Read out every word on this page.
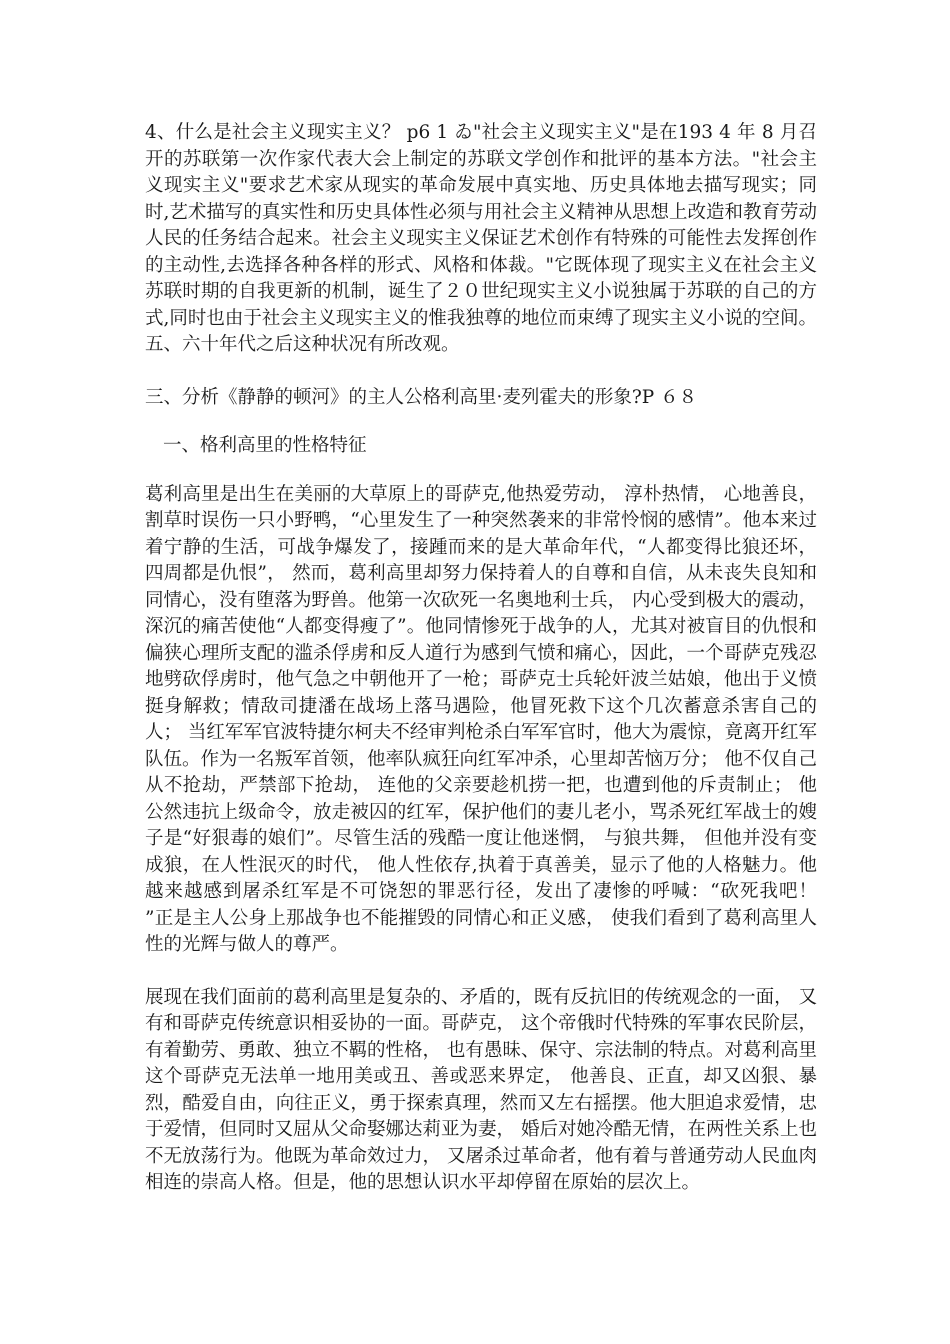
4、什么是社会主义现实主义？ p6 1 ゐ"社会主义现实主义"是在193 4 年 8 月召开的苏联第一次作家代表大会上制定的苏联文学创作和批评的基本方法。"社会主义现实主义"要求艺术家从现实的革命发展中真实地、历史具体地去描写现实；同时,艺术描写的真实性和历史具体性必须与用社会主义精神从思想上改造和教育劳动人民的任务结合起来。社会主义现实主义保证艺术创作有特殊的可能性去发挥创作的主动性,去选择各种各样的形式、风格和体裁。"它既体现了现实主义在社会主义苏联时期的自我更新的机制，诞生了２０世纪现实主义小说独属于苏联的自己的方式,同时也由于社会主义现实主义的惟我独尊的地位而束缚了现实主义小说的空间。五、六十年代之后这种状况有所改观。

三、分析《静静的顿河》的主人公格利高里·麦列霍夫的形象?P ６８

一、格利高里的性格特征

葛利高里是出生在美丽的大草原上的哥萨克,他热爱劳动， 淳朴热情， 心地善良， 割草时误伤一只小野鸭，“心里发生了一种突然袭来的非常怜悯的感情”。他本来过着宁静的生活，可战争爆发了，接踵而来的是大革命年代，“人都变得比狼还坏，四周都是仇恨”， 然而，葛利高里却努力保持着人的自尊和自信，从未丧失良知和同情心，没有堕落为野兽。他第一次砍死一名奥地利士兵， 内心受到极大的震动，深沉的痛苦使他“人都变得瘦了”。他同情惨死于战争的人，尤其对被盲目的仇恨和偏狭心理所支配的滥杀俘虏和反人道行为感到气愤和痛心，因此，一个哥萨克残忍地劈砍俘虏时，他气急之中朝他开了一枪；哥萨克士兵轮奸波兰姑娘，他出于义愤挺身解救；情敌司捷潘在战场上落马遇险，他冒死救下这个几次蓄意杀害自己的人； 当红军军官波特捷尔柯夫不经审判枪杀白军军官时，他大为震惊，竟离开红军队伍。作为一名叛军首领，他率队疯狂向红军冲杀，心里却苦恼万分； 他不仅自己从不抢劫，严禁部下抢劫， 连他的父亲要趁机捞一把，也遭到他的斥责制止； 他公然违抗上级命令，放走被囚的红军，保护他们的妻儿老小，骂杀死红军战士的嫂子是“好狠毒的娘们”。尽管生活的残酷一度让他迷惘， 与狼共舞， 但他并没有变成狼，在人性泯灭的时代， 他人性依存,执着于真善美，显示了他的人格魅力。他越来越感到屠杀红军是不可饶恕的罪恶行径，发出了凄惨的呼喊：“砍死我吧！ ”正是主人公身上那战争也不能摧毁的同情心和正义感， 使我们看到了葛利高里人性的光辉与做人的尊严。

展现在我们面前的葛利高里是复杂的、矛盾的，既有反抗旧的传统观念的一面， 又有和哥萨克传统意识相妥协的一面。哥萨克， 这个帝俄时代特殊的军事农民阶层，有着勤劳、勇敢、独立不羁的性格， 也有愚昧、保守、宗法制的特点。对葛利高里这个哥萨克无法单一地用美或丑、善或恶来界定， 他善良、正直，却又凶狠、暴烈，酷爱自由，向往正义，勇于探索真理，然而又左右摇摆。他大胆追求爱情，忠于爱情，但同时又屈从父命娶娜达莉亚为妻， 婚后对她冷酷无情，在两性关系上也不无放荡行为。他既为革命效过力， 又屠杀过革命者，他有着与普通劳动人民血肉相连的崇高人格。但是，他的思想认识水平却停留在原始的层次上。
